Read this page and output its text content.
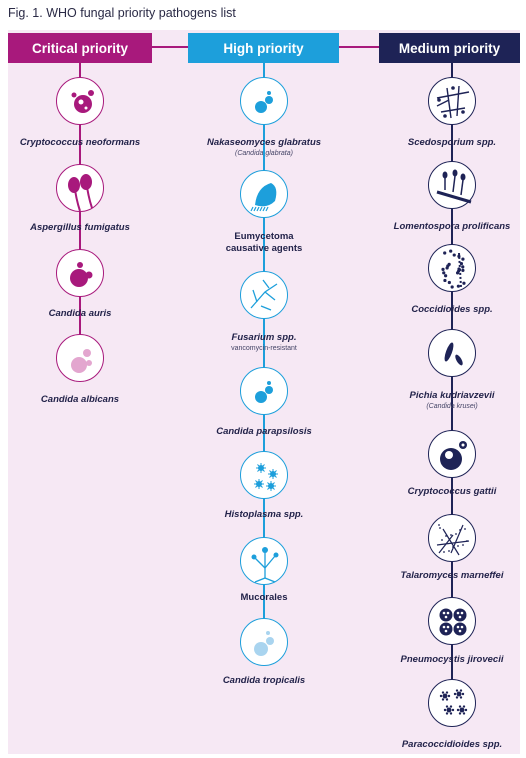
Fig. 1. WHO fungal priority pathogens list
Critical priority	High priority	Medium priority
Cryptococcus neoformans
Aspergillus fumigatus
Candida auris
Candida albicans
Nakaseomyces glabratus
(Candida glabrata)
Eumycetoma
causative agents
Fusarium spp.
vancomycin-resistant
Candida parapsilosis
Histoplasma spp.
Mucorales
Candida tropicalis
Scedosporium spp.
Lomentospora prolificans
Coccidioides spp.
Pichia kudriavzevii
(Candida krusei)
Cryptococcus gattii
Talaromyces marneffei
Pneumocystis jirovecii
Paracoccidioides spp.
